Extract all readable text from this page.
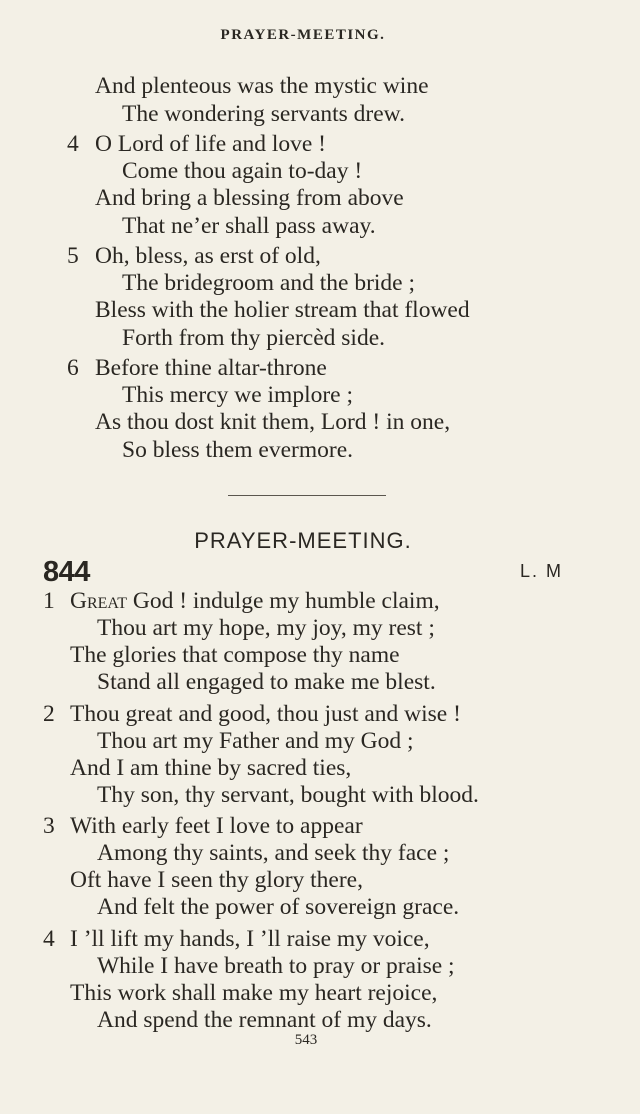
PRAYER-MEETING.
And plenteous was the mystic wine
The wondering servants drew.
4 O Lord of life and love !
Come thou again to-day !
And bring a blessing from above
That ne’er shall pass away.
5 Oh, bless, as erst of old,
The bridegroom and the bride ;
Bless with the holier stream that flowed
Forth from thy piercèd side.
6 Before thine altar-throne
This mercy we implore ;
As thou dost knit them, Lord ! in one,
So bless them evermore.
PRAYER-MEETING.
844	L. M
1 Great God ! indulge my humble claim,
Thou art my hope, my joy, my rest ;
The glories that compose thy name
Stand all engaged to make me blest.
2 Thou great and good, thou just and wise !
Thou art my Father and my God ;
And I am thine by sacred ties,
Thy son, thy servant, bought with blood.
3 With early feet I love to appear
Among thy saints, and seek thy face ;
Oft have I seen thy glory there,
And felt the power of sovereign grace.
4 I ’ll lift my hands, I ’ll raise my voice,
While I have breath to pray or praise ;
This work shall make my heart rejoice,
And spend the remnant of my days.
543
